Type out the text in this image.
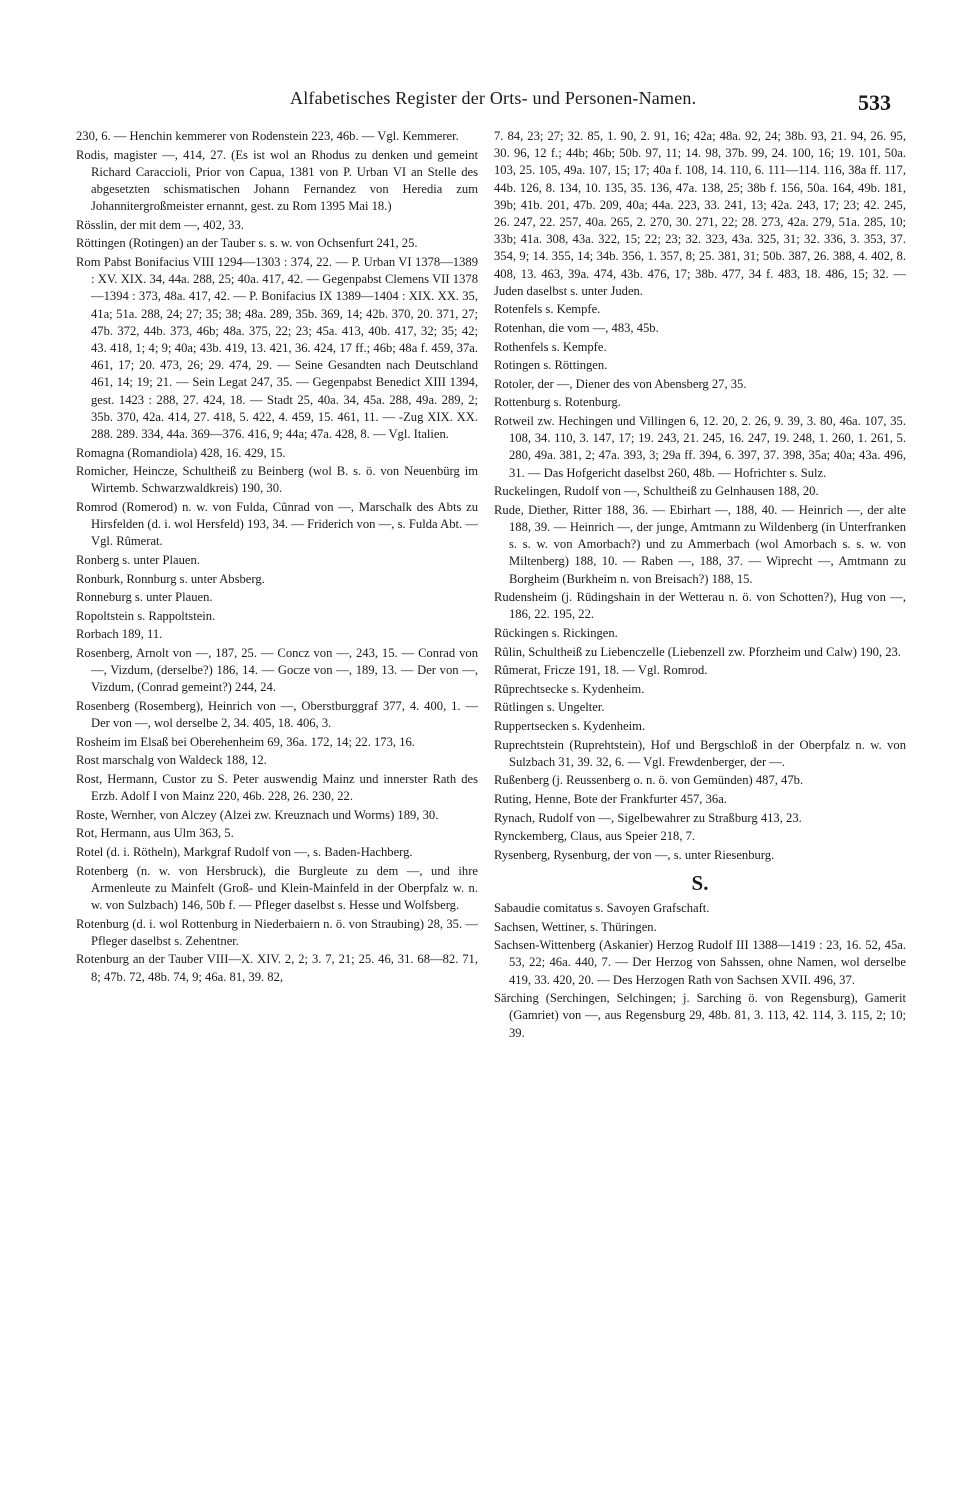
Alfabetisches Register der Orts- und Personen-Namen.	533

230, 6. — Henchin kemmerer von Rodenstein 223, 46b. — Vgl. Kemmerer.

Rodis, magister —, 414, 27. (Es ist wol an Rhodus zu denken und gemeint Richard Caraccioli, Prior von Capua, 1381 von P. Urban VI an Stelle des abgesetzten schismatischen Johann Fernandez von Heredia zum Johannitergroßmeister ernannt, gest. zu Rom 1395 Mai 18.)

Rösslin, der mit dem —, 402, 33.

Röttingen (Rotingen) an der Tauber s. s. w. von Ochsenfurt 241, 25.

Rom Pabst Bonifacius VIII 1294—1303 : 374, 22. — P. Urban VI 1378—1389 : XV. XIX. 34, 44a. 288, 25; 40a. 417, 42. — Gegenpabst Clemens VII 1378—1394 : 373, 48a. 417, 42. — P. Bonifacius IX 1389—1404 : XIX. XX. 35, 41a; 51a. 288, 24; 27; 35; 38; 48a. 289, 35b. 369, 14; 42b. 370, 20. 371, 27; 47b. 372, 44b. 373, 46b; 48a. 375, 22; 23; 45a. 413, 40b. 417, 32; 35; 42; 43. 418, 1; 4; 9; 40a; 43b. 419, 13. 421, 36. 424, 17 ff.; 46b; 48a f. 459, 37a. 461, 17; 20. 473, 26; 29. 474, 29. — Seine Gesandten nach Deutschland 461, 14; 19; 21. — Sein Legat 247, 35. — Gegenpabst Benedict XIII 1394, gest. 1423 : 288, 27. 424, 18. — Stadt 25, 40a. 34, 45a. 288, 49a. 289, 2; 35b. 370, 42a. 414, 27. 418, 5. 422, 4. 459, 15. 461, 11. — -Zug XIX. XX. 288. 289. 334, 44a. 369—376. 416, 9; 44a; 47a. 428, 8. — Vgl. Italien.

Romagna (Romandiola) 428, 16. 429, 15.

Romicher, Heincze, Schultheiß zu Beinberg (wol B. s. ö. von Neuenbürg im Wirtemb. Schwarzwaldkreis) 190, 30.

Romrod (Romerod) n. w. von Fulda, Cûnrad von —, Marschalk des Abts zu Hirsfelden (d. i. wol Hersfeld) 193, 34. — Friderich von —, s. Fulda Abt. — Vgl. Rûmerat.

Ronberg s. unter Plauen.

Ronburk, Ronnburg s. unter Absberg.

Ronneburg s. unter Plauen.

Ropoltstein s. Rappoltstein.

Rorbach 189, 11.

Rosenberg, Arnolt von —, 187, 25. — Concz von —, 243, 15. — Conrad von —, Vizdum, (derselbe?) 186, 14. — Gocze von —, 189, 13. — Der von —, Vizdum, (Conrad gemeint?) 244, 24.

Rosenberg (Rosemberg), Heinrich von —, Oberstburggraf 377, 4. 400, 1. — Der von —, wol derselbe 2, 34. 405, 18. 406, 3.

Rosheim im Elsaß bei Oberehenheim 69, 36a. 172, 14; 22. 173, 16.

Rost marschalg von Waldeck 188, 12.

Rost, Hermann, Custor zu S. Peter auswendig Mainz und innerster Rath des Erzb. Adolf I von Mainz 220, 46b. 228, 26. 230, 22.

Roste, Wernher, von Alczey (Alzei zw. Kreuznach und Worms) 189, 30.

Rot, Hermann, aus Ulm 363, 5.

Rotel (d. i. Rötheln), Markgraf Rudolf von —, s. Baden-Hachberg.

Rotenberg (n. w. von Hersbruck), die Burgleute zu dem —, und ihre Armenleute zu Mainfelt (Groß- und Klein-Mainfeld in der Oberpfalz w. n. w. von Sulzbach) 146, 50b f. — Pfleger daselbst s. Hesse und Wolfsberg.

Rotenburg (d. i. wol Rottenburg in Niederbaiern n. ö. von Straubing) 28, 35. — Pfleger daselbst s. Zehentner.

Rotenburg an der Tauber VIII—X. XIV. 2, 2; 3. 7, 21; 25. 46, 31. 68—82. 71, 8; 47b. 72, 48b. 74, 9; 46a. 81, 39. 82,

7. 84, 23; 27; 32. 85, 1. 90, 2. 91, 16; 42a; 48a. 92, 24; 38b. 93, 21. 94, 26. 95, 30. 96, 12 f.; 44b; 46b; 50b. 97, 11; 14. 98, 37b. 99, 24. 100, 16; 19. 101, 50a. 103, 25. 105, 49a. 107, 15; 17; 40a f. 108, 14. 110, 6. 111—114. 116, 38a ff. 117, 44b. 126, 8. 134, 10. 135, 35. 136, 47a. 138, 25; 38b f. 156, 50a. 164, 49b. 181, 39b; 41b. 201, 47b. 209, 40a; 44a. 223, 33. 241, 13; 42a. 243, 17; 23; 42. 245, 26. 247, 22. 257, 40a. 265, 2. 270, 30. 271, 22; 28. 273, 42a. 279, 51a. 285, 10; 33b; 41a. 308, 43a. 322, 15; 22; 23; 32. 323, 43a. 325, 31; 32. 336, 3. 353, 37. 354, 9; 14. 355, 14; 34b. 356, 1. 357, 8; 25. 381, 31; 50b. 387, 26. 388, 4. 402, 8. 408, 13. 463, 39a. 474, 43b. 476, 17; 38b. 477, 34 f. 483, 18. 486, 15; 32. — Juden daselbst s. unter Juden.

Rotenfels s. Kempfe.

Rotenhan, die vom —, 483, 45b.

Rothenfels s. Kempfe.

Rotingen s. Röttingen.

Rotoler, der —, Diener des von Abensberg 27, 35.

Rottenburg s. Rotenburg.

Rotweil zw. Hechingen und Villingen 6, 12. 20, 2. 26, 9. 39, 3. 80, 46a. 107, 35. 108, 34. 110, 3. 147, 17; 19. 243, 21. 245, 16. 247, 19. 248, 1. 260, 1. 261, 5. 280, 49a. 381, 2; 47a. 393, 3; 29a ff. 394, 6. 397, 37. 398, 35a; 40a; 43a. 496, 31. — Das Hofgericht daselbst 260, 48b. — Hofrichter s. Sulz.

Ruckelingen, Rudolf von —, Schultheiß zu Gelnhausen 188, 20.

Rude, Diether, Ritter 188, 36. — Ebirhart —, 188, 40. — Heinrich —, der alte 188, 39. — Heinrich —, der junge, Amtmann zu Wildenberg (in Unterfranken s. s. w. von Amorbach?) und zu Ammerbach (wol Amorbach s. s. w. von Miltenberg) 188, 10. — Raben —, 188, 37. — Wiprecht —, Amtmann zu Borgheim (Burkheim n. von Breisach?) 188, 15.

Rudensheim (j. Rüdingshain in der Wetterau n. ö. von Schotten?), Hug von —, 186, 22. 195, 22.

Rückingen s. Rickingen.

Rûlin, Schultheiß zu Liebenczelle (Liebenzell zw. Pforzheim und Calw) 190, 23.

Rûmerat, Fricze 191, 18. — Vgl. Romrod.

Rûprechtsecke s. Kydenheim.

Rütlingen s. Ungelter.

Ruppertsecken s. Kydenheim.

Ruprechtstein (Ruprehtstein), Hof und Bergschloß in der Oberpfalz n. w. von Sulzbach 31, 39. 32, 6. — Vgl. Frewdenberger, der —.

Rußenberg (j. Reussenberg o. n. ö. von Gemünden) 487, 47b.

Ruting, Henne, Bote der Frankfurter 457, 36a.

Rynach, Rudolf von —, Sigelbewahrer zu Straßburg 413, 23.

Rynckemberg, Claus, aus Speier 218, 7.

Rysenberg, Rysenburg, der von —, s. unter Riesenburg.

S.

Sabaudie comitatus s. Savoyen Grafschaft.

Sachsen, Wettiner, s. Thüringen.

Sachsen-Wittenberg (Askanier) Herzog Rudolf III 1388—1419 : 23, 16. 52, 45a. 53, 22; 46a. 440, 7. — Der Herzog von Sahssen, ohne Namen, wol derselbe 419, 33. 420, 20. — Des Herzogen Rath von Sachsen XVII. 496, 37.

Särching (Serchingen, Selchingen; j. Sarching ö. von Regensburg), Gamerit (Gamriet) von —, aus Regensburg 29, 48b. 81, 3. 113, 42. 114, 3. 115, 2; 10; 39.
